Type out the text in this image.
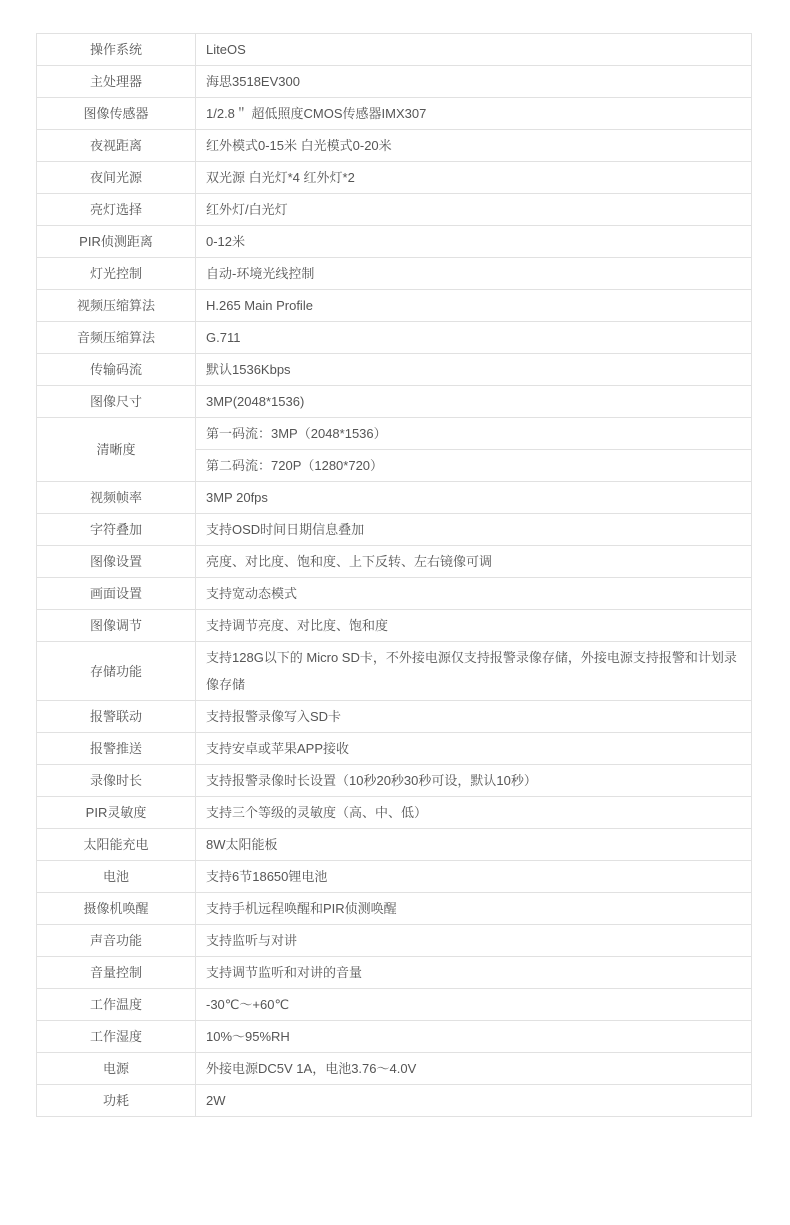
操作系统	LiteOS
主处理器	海思3518EV300
图像传感器	1/2.8＂ 超低照度CMOS传感器IMX307
夜视距离	红外模式0-15米 白光模式0-20米
夜间光源	双光源 白光灯*4 红外灯*2
亮灯选择	红外灯/白光灯
PIR侦测距离	0-12米
灯光控制	自动-环境光线控制
视频压缩算法	H.265 Main Profile
音频压缩算法	G.711
传输码流	默认1536Kbps
图像尺寸	3MP(2048*1536)
清晰度	第一码流：3MP（2048*1536）
	第二码流：720P（1280*720）
视频帧率	3MP 20fps
字符叠加	支持OSD时间日期信息叠加
图像设置	亮度、对比度、饱和度、上下反转、左右镜像可调
画面设置	支持宽动态模式
图像调节	支持调节亮度、对比度、饱和度
存储功能	支持128G以下的 Micro SD卡，不外接电源仅支持报警录像存储，外接电源支持报警和计划录像存储
报警联动	支持报警录像写入SD卡
报警推送	支持安卓或苹果APP接收
录像时长	支持报警录像时长设置（10秒20秒30秒可设，默认10秒）
PIR灵敏度	支持三个等级的灵敏度（高、中、低）
太阳能充电	8W太阳能板
电池	支持6节18650锂电池
摄像机唤醒	支持手机远程唤醒和PIR侦测唤醒
声音功能	支持监听与对讲
音量控制	支持调节监听和对讲的音量
工作温度	-30℃～+60℃
工作湿度	10%～95%RH
电源	外接电源DC5V 1A，电池3.76～4.0V
功耗	2W
